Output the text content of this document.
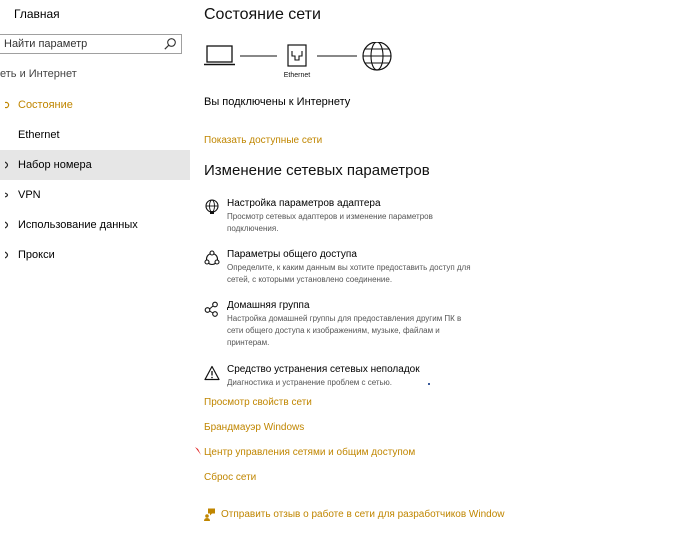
Главная
Найти параметр
еть и Интернет
Состояние
Ethernet
Набор номера
VPN
Использование данных
Прокси
Состояние сети
Ethernet
Вы подключены к Интернету
Показать доступные сети
Изменение сетевых параметров
Настройка параметров адаптера
Просмотр сетевых адаптеров и изменение параметров подключения.
Параметры общего доступа
Определите, к каким данным вы хотите предоставить доступ для сетей, с которыми установлено соединение.
Домашняя группа
Настройка домашней группы для предоставления другим ПК в сети общего доступа к изображениям, музыке, файлам и принтерам.
Средство устранения сетевых неполадок
Диагностика и устранение проблем с сетью.
Просмотр свойств сети
Брандмауэр Windows
Центр управления сетями и общим доступом
Сброс сети
Отправить отзыв о работе в сети для разработчиков Window
